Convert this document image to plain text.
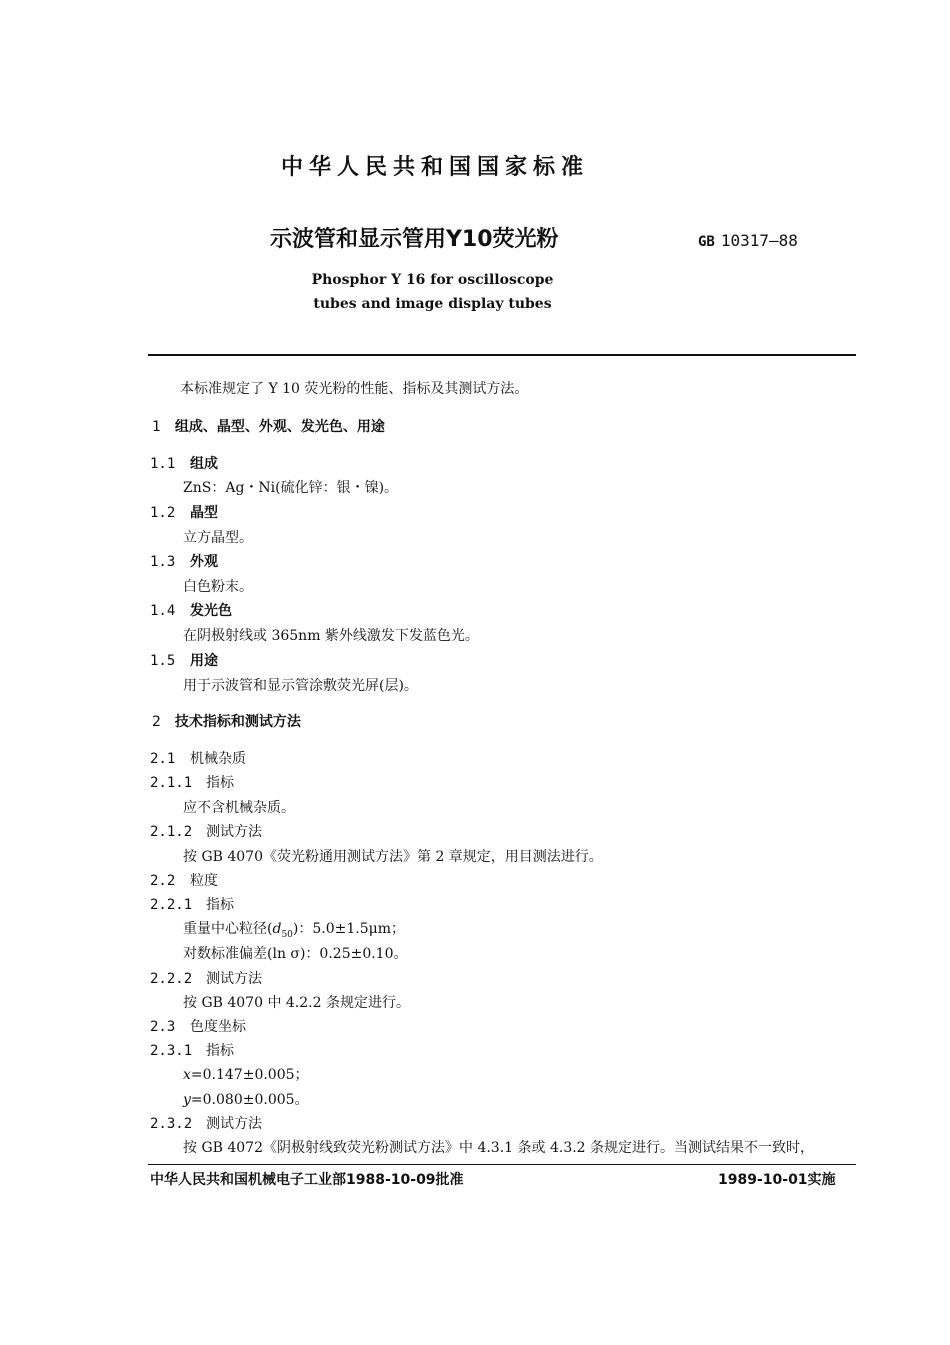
中华人民共和国国家标准
示波管和显示管用Y10荧光粉	GB 10317—88
Phosphor Y 16 for oscilloscope
tubes and image display tubes
本标准规定了 Y 10 荧光粉的性能、指标及其测试方法。
1 组成、晶型、外观、发光色、用途
1.1 组成
ZnS：Ag・Ni(硫化锌：银・镍)。
1.2 晶型
立方晶型。
1.3 外观
白色粉末。
1.4 发光色
在阴极射线或 365nm 紫外线激发下发蓝色光。
1.5 用途
用于示波管和显示管涂敷荧光屏(层)。
2 技术指标和测试方法
2.1 机械杂质
2.1.1 指标
应不含机械杂质。
2.1.2 测试方法
按 GB 4070《荧光粉通用测试方法》第 2 章规定，用目测法进行。
2.2 粒度
2.2.1 指标
重量中心粒径$(d_{50})$：5.0±1.5μm；
对数标准偏差(ln σ)：0.25±0.10。
2.2.2 测试方法
按 GB 4070 中 4.2.2 条规定进行。
2.3 色度坐标
2.3.1 指标
x=0.147±0.005；
y=0.080±0.005。
2.3.2 测试方法
按 GB 4072《阴极射线致荧光粉测试方法》中 4.3.1 条或 4.3.2 条规定进行。当测试结果不一致时，
中华人民共和国机械电子工业部1988-10-09批准	1989-10-01实施
